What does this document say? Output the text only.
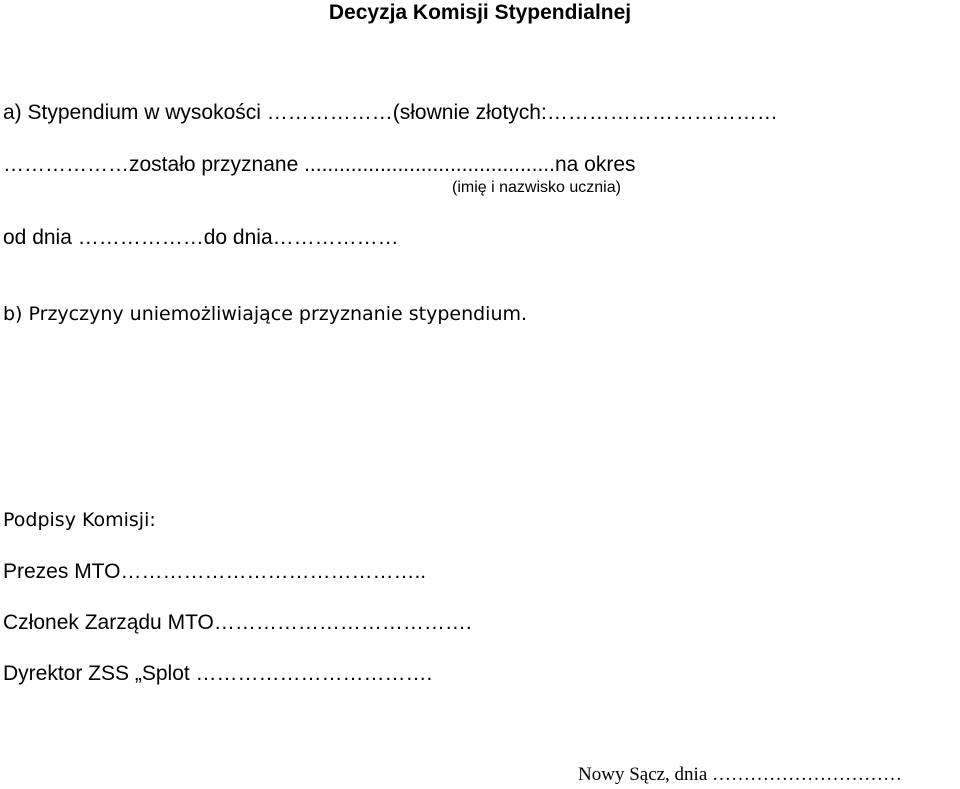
Decyzja Komisji Stypendialnej
a) Stypendium w wysokości ………………(słownie złotych:……………………………
………………zostało przyznane ...........................................na okres
(imię i nazwisko ucznia)
od dnia ………………do dnia………………
b) Przyczyny uniemożliwiające przyznanie stypendium.
Podpisy Komisji:
Prezes MTO……………………………………..
Członek Zarządu MTO……………………………….
Dyrektor ZSS „Splot …………………………….
Nowy Sącz, dnia …………………………
